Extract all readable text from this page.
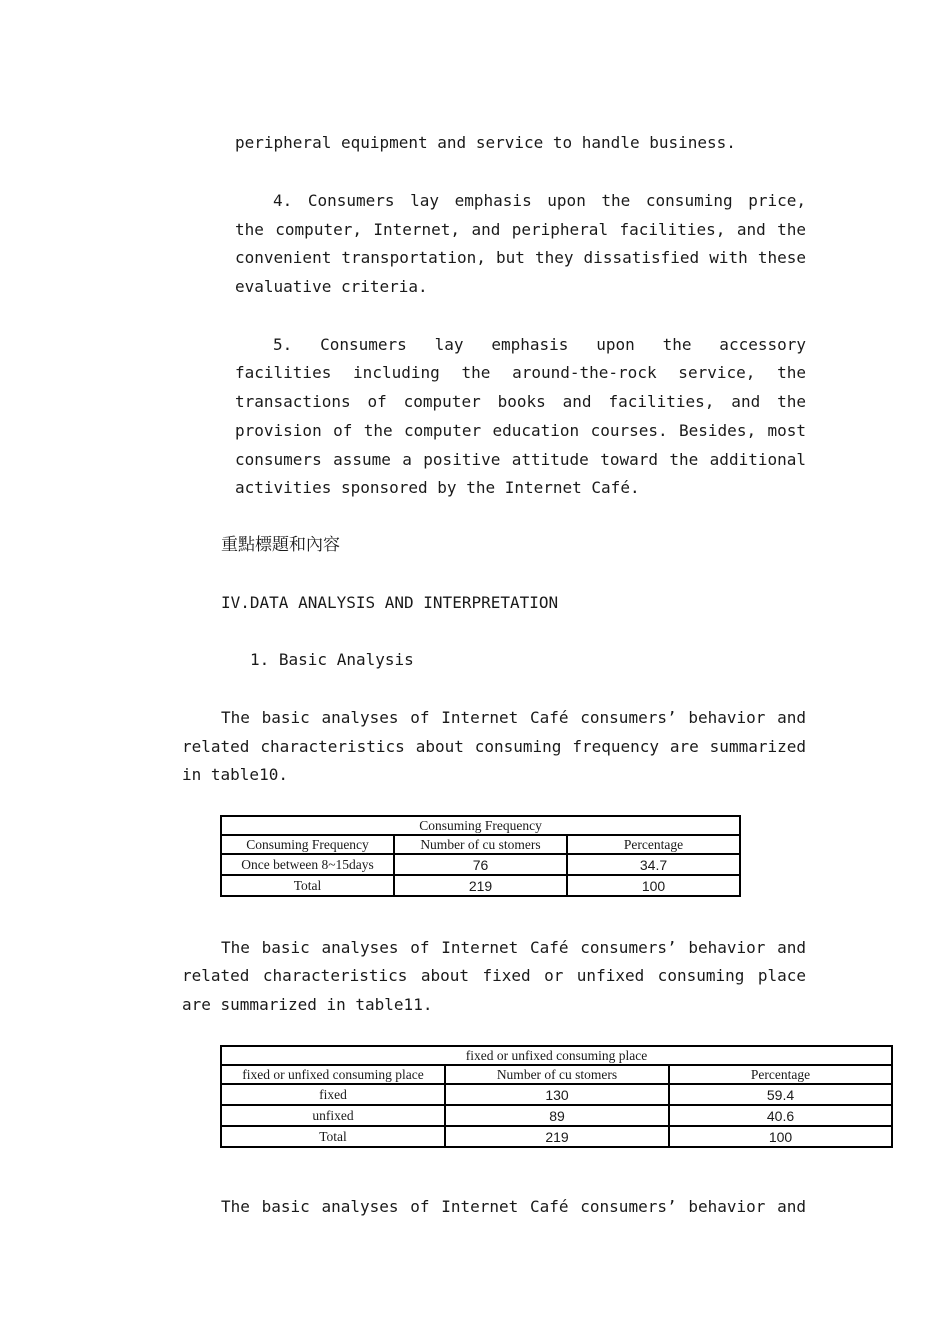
peripheral equipment and service to handle business.
4. Consumers lay emphasis upon the consuming price,
the computer, Internet, and peripheral facilities, and the
convenient transportation, but they dissatisfied with these
evaluative criteria.
5. Consumers lay emphasis upon the accessory
facilities including the around-the-rock service, the
transactions of computer books and facilities, and the
provision of the computer education courses. Besides, most
consumers assume a positive attitude toward the additional
activities sponsored by the Internet Café.
重點標題和內容
IV.DATA ANALYSIS AND INTERPRETATION
1. Basic Analysis
The basic analyses of Internet Café consumers’ behavior and
related characteristics about consuming frequency are summarized
in table10.
Consuming Frequency		
Consuming Frequency	Number of cu stomers	Percentage
Once between 8~15days	76	34.7
Total	219	100
The basic analyses of Internet Café consumers’ behavior and
related characteristics about fixed or unfixed consuming place
are summarized in table11.
fixed or unfixed consuming place		
fixed or unfixed consuming place	Number of cu stomers	Percentage
fixed	130	59.4
unfixed	89	40.6
Total	219	100
The basic analyses of Internet Café consumers’ behavior and
